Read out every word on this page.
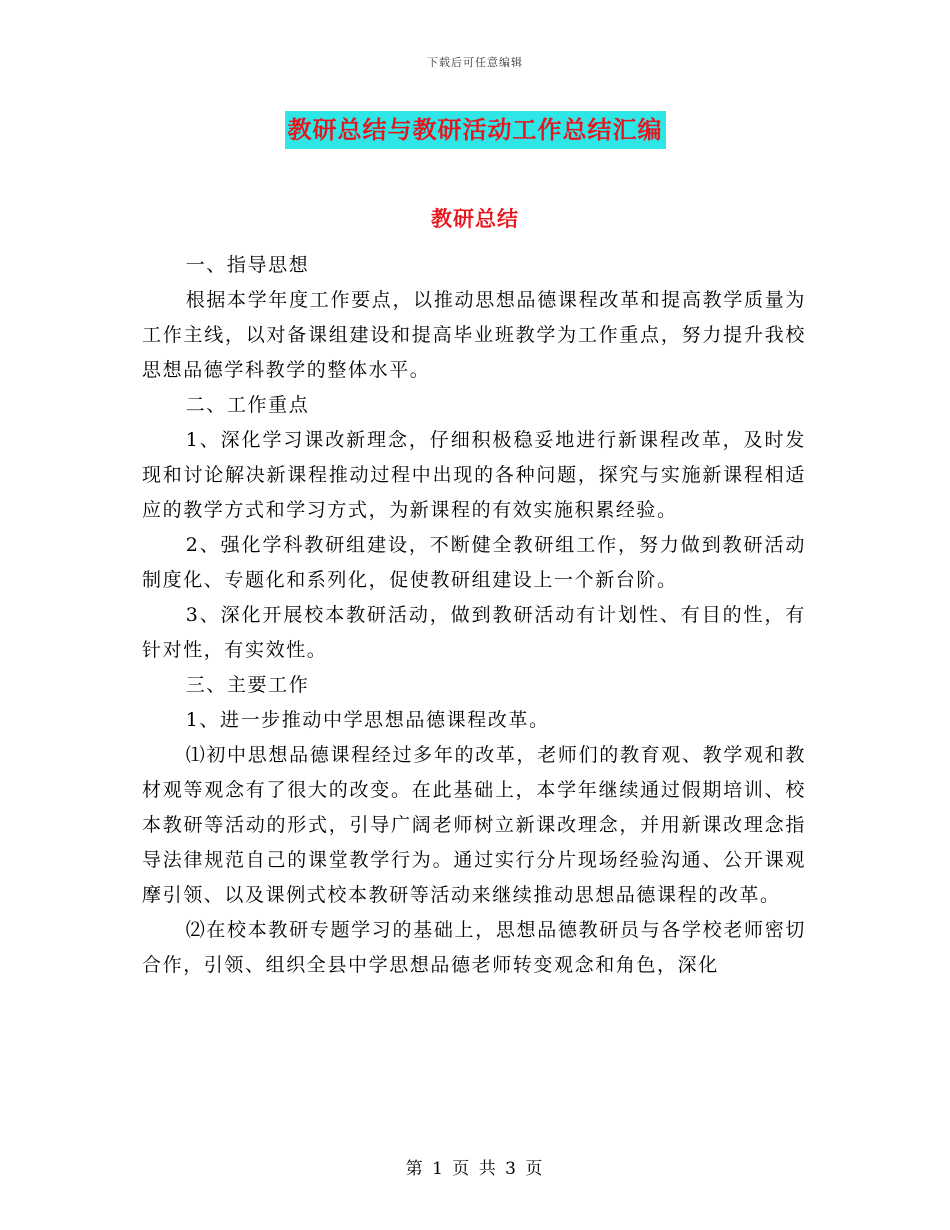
下载后可任意编辑
教研总结与教研活动工作总结汇编
教研总结

一、指导思想

根据本学年度工作要点，以推动思想品德课程改革和提高教学质量为工作主线，以对备课组建设和提高毕业班教学为工作重点，努力提升我校思想品德学科教学的整体水平。

二、工作重点

1、深化学习课改新理念，仔细积极稳妥地进行新课程改革，及时发现和讨论解决新课程推动过程中出现的各种问题，探究与实施新课程相适应的教学方式和学习方式，为新课程的有效实施积累经验。

2、强化学科教研组建设，不断健全教研组工作，努力做到教研活动制度化、专题化和系列化，促使教研组建设上一个新台阶。

3、深化开展校本教研活动，做到教研活动有计划性、有目的性，有针对性，有实效性。

三、主要工作

1、进一步推动中学思想品德课程改革。

⑴初中思想品德课程经过多年的改革，老师们的教育观、教学观和教材观等观念有了很大的改变。在此基础上，本学年继续通过假期培训、校本教研等活动的形式，引导广阔老师树立新课改理念，并用新课改理念指导法律规范自己的课堂教学行为。通过实行分片现场经验沟通、公开课观摩引领、以及课例式校本教研等活动来继续推动思想品德课程的改革。

⑵在校本教研专题学习的基础上，思想品德教研员与各学校老师密切合作，引领、组织全县中学思想品德老师转变观念和角色，深化

第 1 页 共 3 页
